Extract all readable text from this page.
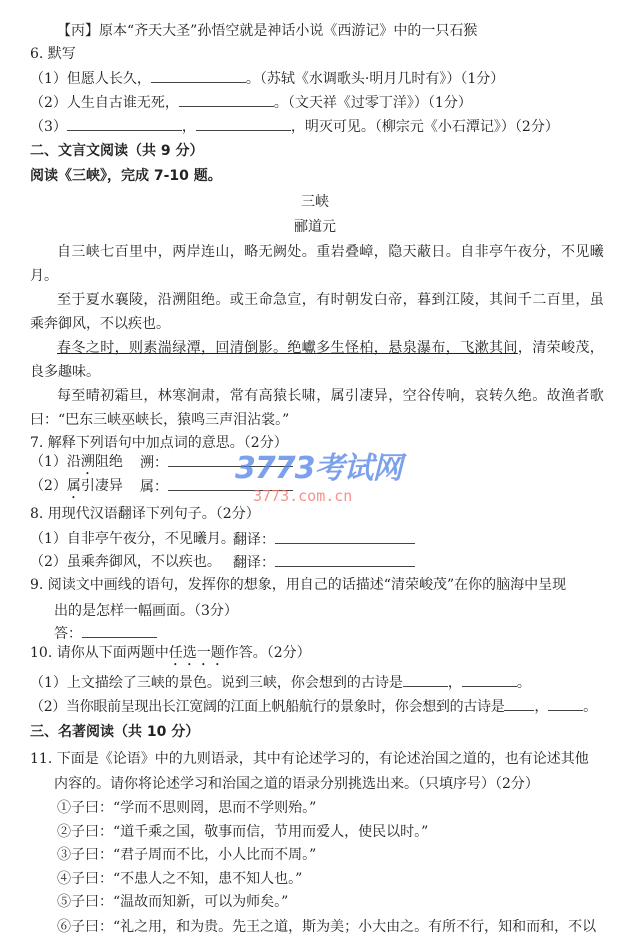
【丙】原本“齐天大圣”孙悟空就是神话小说《西游记》中的一只石猴
6. 默写
（1）但愿人长久，	。（苏轼《水调歌头·明月几时有》）（1分）
（2）人生自古谁无死，	。（文天祥《过零丁洋》）（1分）
（3）	，	，明灭可见。（柳宗元《小石潭记》）（2分）
二、文言文阅读（共 9 分）
阅读《三峡》，完成 7-10 题。
三峡
郦道元
自三峡七百里中，两岸连山，略无阙处。重岩叠嶂，隐天蔽日。自非亭午夜分，不见曦
月。
至于夏水襄陵，沿溯阻绝。或王命急宣，有时朝发白帝，暮到江陵，其间千二百里，虽
乘奔御风，不以疾也。
春冬之时，则素湍绿潭，回清倒影。绝巘多生怪柏，悬泉瀑布，飞漱其间，清荣峻茂，
良多趣味。
每至晴初霜旦，林寒涧肃，常有高猿长啸，属引凄异，空谷传响，哀转久绝。故渔者歌
曰：“巴东三峡巫峡长，猿鸣三声泪沾裳。”
7. 解释下列语句中加点词的意思。（2分）
（1）沿溯阻绝 溯：
（2）属引凄异 属：
8. 用现代汉语翻译下列句子。（2分）
（1）自非亭午夜分，不见曦月。
翻译：
（2）虽乘奔御风，不以疾也。 翻译：
9. 阅读文中画线的语句，发挥你的想象，用自己的话描述“清荣峻茂”在你的脑海中呈现
出的是怎样一幅画面。（3分）
答：
10. 请你从下面两题中任选一题作答。（2分）
（1）上文描绘了三峡的景色。说到三峡，你会想到的古诗是	，	。
（2）当你眼前呈现出长江宽阔的江面上帆船航行的景象时，你会想到的古诗是 ，	。
三、名著阅读（共 10 分）
11. 下面是《论语》中的九则语录，其中有论述学习的，有论述治国之道的，也有论述其他
内容的。请你将论述学习和治国之道的语录分别挑选出来。（只填序号）（2分）
①子曰：“学而不思则罔，思而不学则殆。”
②子曰：“道千乘之国，敬事而信，节用而爱人，使民以时。”
③子曰：“君子周而不比，小人比而不周。”
④子曰：“不患人之不知，患不知人也。”
⑤子曰：“温故而知新，可以为师矣。”
⑥子曰：“礼之用，和为贵。先王之道，斯为美；小大由之。有所不行，知和而和，不以
3773考试网
3773.com.cn
